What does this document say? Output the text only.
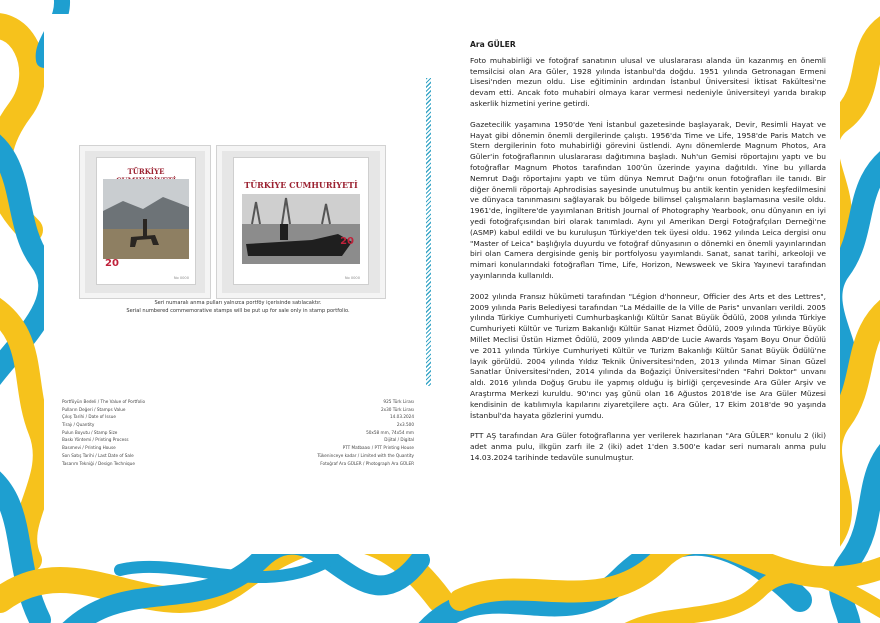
TÜRKİYE
20
No 0000
TÜRKİYE CUMHURİYETİ
20
No 0000
Seri numaralı anma pulları yalnızca portföy içerisinde satılacaktır.
Serial numbered commemorative stamps will be put up for sale only in stamp portfolio.
Portföyün Bedeli / The Value of Portfolio	925 Türk Lirası
Pulların Değeri / Stamps Value	2x30 Türk Lirası
Çıkış Tarihi / Date of Issue	14.03.2024
Tirajı / Quantity	2x3.500
Pulun Boyutu / Stamp Size	50x58 mm, 74x54 mm
Baskı Yöntemi / Printing Process	Dijital / Digital
Basımevi / Printing House	PTT Matbaası / PTT Printing House
Son Satış Tarihi / Last Date of Sale	Tükeninceye kadar / Limited with the Quantity
Tasarım Tekniği / Design Technique	Fotoğraf Ara GÜLER / Photograph Ara GÜLER
Ara GÜLER

Foto muhabirliği ve fotoğraf sanatının ulusal ve uluslararası alanda ün kazanmış en önemli temsilcisi olan Ara Güler, 1928 yılında İstanbul'da doğdu. 1951 yılında Getronagan Ermeni Lisesi'nden mezun oldu. Lise eğitiminin ardından İstanbul Üniversitesi İktisat Fakültesi'ne devam etti. Ancak foto muhabiri olmaya karar vermesi nedeniyle üniversiteyi yarıda bırakıp askerlik hizmetini yerine getirdi.

Gazetecilik yaşamına 1950'de Yeni İstanbul gazetesinde başlayarak, Devir, Resimli Hayat ve Hayat gibi dönemin önemli dergilerinde çalıştı. 1956'da Time ve Life, 1958'de Paris Match ve Stern dergilerinin foto muhabirliği görevini üstlendi. Aynı dönemlerde Magnum Photos, Ara Güler'in fotoğraflarının uluslararası dağıtımına başladı. Nuh'un Gemisi röportajını yaptı ve bu fotoğraflar Magnum Photos tarafından 100'ün üzerinde yayına dağıtıldı. Yine bu yıllarda Nemrut Dağı röportajını yaptı ve tüm dünya Nemrut Dağı'nı onun fotoğrafları ile tanıdı. Bir diğer önemli röportajı Aphrodisias sayesinde unutulmuş bu antik kentin yeniden keşfedilmesini ve dünyaca tanınmasını sağlayarak bu bölgede bilimsel çalışmaların başlamasına vesile oldu. 1961'de, İngiltere'de yayımlanan British Journal of Photography Yearbook, onu dünyanın en iyi yedi fotoğrafçısından biri olarak tanımladı. Aynı yıl Amerikan Dergi Fotoğrafçıları Derneği'ne (ASMP) kabul edildi ve bu kuruluşun Türkiye'den tek üyesi oldu. 1962 yılında Leica dergisi onu "Master of Leica" başlığıyla duyurdu ve fotoğraf dünyasının o dönemki en önemli yayınlarından biri olan Camera dergisinde geniş bir portfolyosu yayımlandı. Sanat, sanat tarihi, arkeoloji ve mimari konularındaki fotoğrafları Time, Life, Horizon, Newsweek ve Skira Yayınevi tarafından yayınlarında kullanıldı.

2002 yılında Fransız hükümeti tarafından "Légion d'honneur, Officier des Arts et des Lettres", 2009 yılında Paris Belediyesi tarafından "La Médaille de la Ville de Paris" unvanları verildi. 2005 yılında Türkiye Cumhuriyeti Cumhurbaşkanlığı Kültür Sanat Büyük Ödülü, 2008 yılında Türkiye Cumhuriyeti Kültür ve Turizm Bakanlığı Kültür Sanat Hizmet Ödülü, 2009 yılında Türkiye Büyük Millet Meclisi Üstün Hizmet Ödülü, 2009 yılında ABD'de Lucie Awards Yaşam Boyu Onur Ödülü ve 2011 yılında Türkiye Cumhuriyeti Kültür ve Turizm Bakanlığı Kültür Sanat Büyük Ödülü'ne layık görüldü. 2004 yılında Yıldız Teknik Üniversitesi'nden, 2013 yılında Mimar Sinan Güzel Sanatlar Üniversitesi'nden, 2014 yılında da Boğaziçi Üniversitesi'nden "Fahri Doktor" unvanı aldı. 2016 yılında Doğuş Grubu ile yapmış olduğu iş birliği çerçevesinde Ara Güler Arşiv ve Araştırma Merkezi kuruldu. 90'ıncı yaş günü olan 16 Ağustos 2018'de ise Ara Güler Müzesi kendisinin de katılımıyla kapılarını ziyaretçilere açtı. Ara Güler, 17 Ekim 2018'de 90 yaşında İstanbul'da hayata gözlerini yumdu.

PTT AŞ tarafından Ara Güler fotoğraflarına yer verilerek hazırlanan "Ara GÜLER" konulu 2 (iki) adet anma pulu, ilkgün zarfı ile 2 (iki) adet 1'den 3.500'e kadar seri numaralı anma pulu 14.03.2024 tarihinde tedavüle sunulmuştur.
